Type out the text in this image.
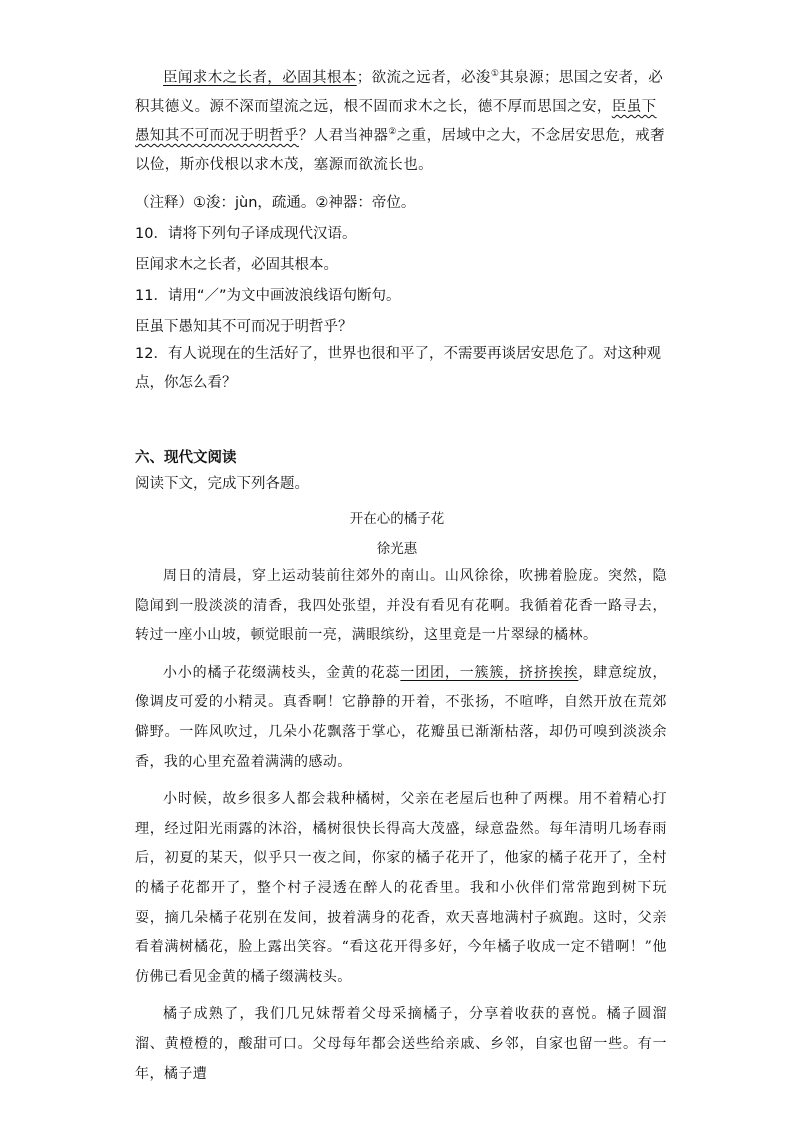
臣闻求木之长者，必固其根本；欲流之远者，必浚①其泉源；思国之安者，必积其德义。源不深而望流之远，根不固而求木之长，德不厚而思国之安，臣虽下愚知其不可而况于明哲乎？人君当神器②之重，居域中之大，不念居安思危，戒奢以俭，斯亦伐根以求木茂，塞源而欲流长也。
（注释）①浚：jùn，疏通。②神器：帝位。
10．请将下列句子译成现代汉语。
臣闻求木之长者，必固其根本。
11．请用“／”为文中画波浪线语句断句。
臣虽下愚知其不可而况于明哲乎？
12．有人说现在的生活好了，世界也很和平了，不需要再谈居安思危了。对这种观点，你怎么看？
六、现代文阅读
阅读下文，完成下列各题。
开在心的橘子花
徐光惠

周日的清晨，穿上运动装前往郊外的南山。山风徐徐，吹拂着脸庞。突然，隐隐闻到一股淡淡的清香，我四处张望，并没有看见有花啊。我循着花香一路寻去，转过一座小山坡，顿觉眼前一亮，满眼缤纷，这里竟是一片翠绿的橘林。

小小的橘子花缀满枝头，金黄的花蕊一团团，一簇簇，挤挤挨挨，肆意绽放，像调皮可爱的小精灵。真香啊！它静静的开着，不张扬，不喧哗，自然开放在荒郊僻野。一阵风吹过，几朵小花飘落于掌心，花瓣虽已渐渐枯落，却仍可嗅到淡淡余香，我的心里充盈着满满的感动。

小时候，故乡很多人都会栽种橘树，父亲在老屋后也种了两棵。用不着精心打理，经过阳光雨露的沐浴，橘树很快长得高大茂盛，绿意盎然。每年清明几场春雨后，初夏的某天，似乎只一夜之间，你家的橘子花开了，他家的橘子花开了，全村的橘子花都开了，整个村子浸透在醉人的花香里。我和小伙伴们常常跑到树下玩耍，摘几朵橘子花别在发间，披着满身的花香，欢天喜地满村子疯跑。这时，父亲看着满树橘花，脸上露出笑容。“看这花开得多好，今年橘子收成一定不错啊！”他仿佛已看见金黄的橘子缀满枝头。

橘子成熟了，我们几兄妹帮着父母采摘橘子，分享着收获的喜悦。橘子圆溜溜、黄橙橙的，酸甜可口。父母每年都会送些给亲戚、乡邻，自家也留一些。有一年，橘子遭
